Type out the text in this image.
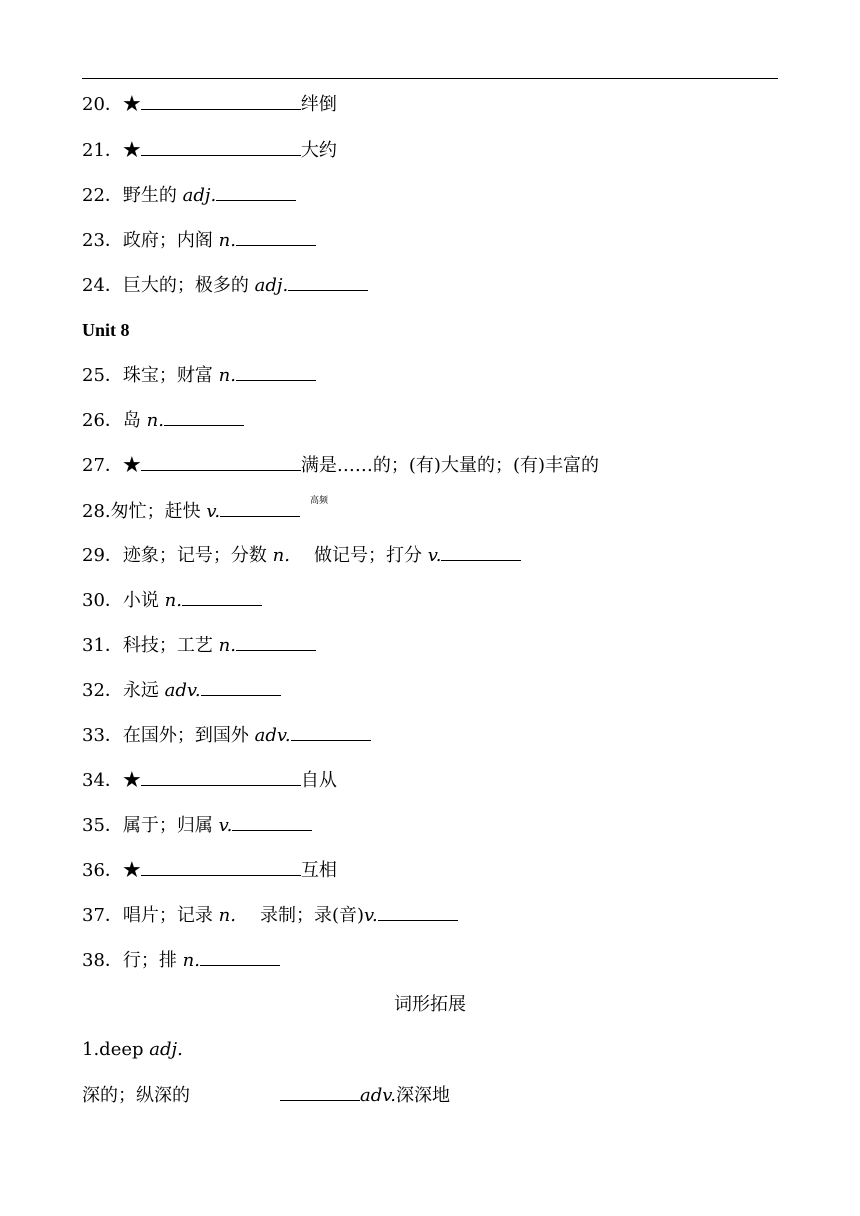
20．★	绊倒
21．★	大约
22．野生的 adj.
23．政府；内阁 n.
24．巨大的；极多的 adj.
Unit 8
25．珠宝；财富 n.
26．岛 n.
27．★	满是……的；(有)大量的；(有)丰富的
28.匆忙；赶快 v.	高频
29．迹象；记号；分数 n. 做记号；打分 v.
30．小说 n.
31．科技；工艺 n.
32．永远 adv.
33．在国外；到国外 adv.
34．★	自从
35．属于；归属 v.
36．★	互相
37．唱片；记录 n. 录制；录(音)v.
38．行；排 n.
词形拓展
1.deep adj.
深的；纵深的	adv.深深地
